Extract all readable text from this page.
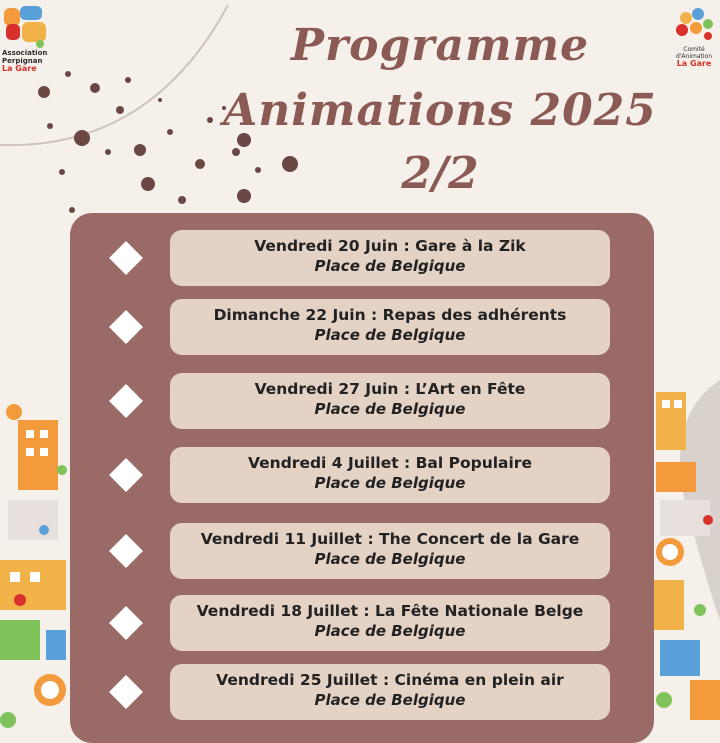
Association
Perpignan
La Gare
Comité
d'Animation
La Gare
Programme
Animations 2025
2/2
Vendredi 20 Juin : Gare à la Zik
Place de Belgique
Dimanche 22 Juin : Repas des adhérents
Place de Belgique
Vendredi 27 Juin : L’Art en Fête
Place de Belgique
Vendredi 4 Juillet : Bal Populaire
Place de Belgique
Vendredi 11 Juillet : The Concert de la Gare
Place de Belgique
Vendredi 18 Juillet : La Fête Nationale Belge
Place de Belgique
Vendredi 25 Juillet : Cinéma en plein air
Place de Belgique
